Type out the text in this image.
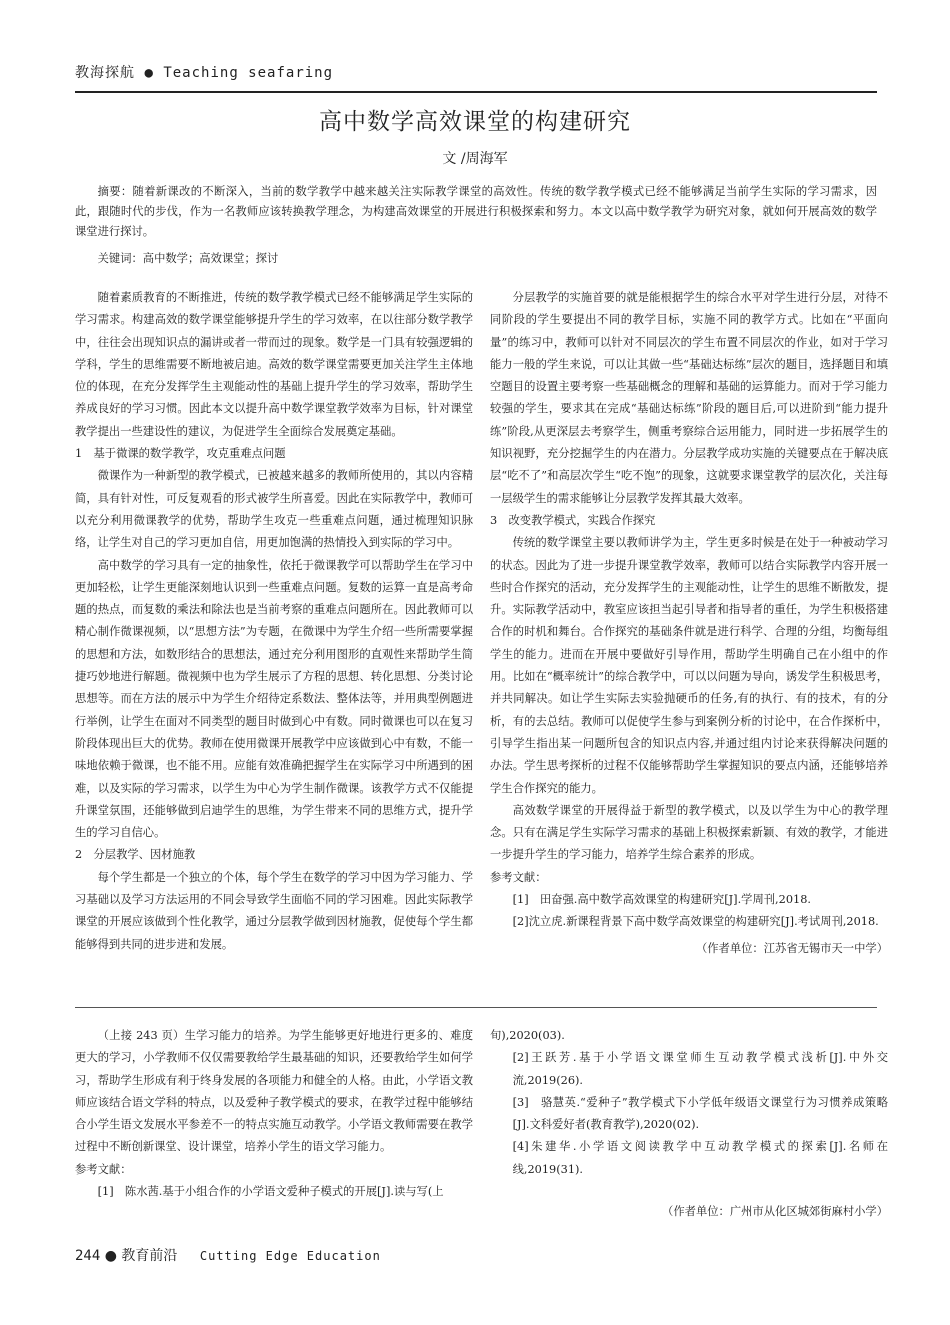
教海探航 ● Teaching seafaring
高中数学高效课堂的构建研究
文 /周海军
摘要：随着新课改的不断深入，当前的数学教学中越来越关注实际教学课堂的高效性。传统的数学教学模式已经不能够满足当前学生实际的学习需求，因此，跟随时代的步伐，作为一名教师应该转换教学理念，为构建高效课堂的开展进行积极探索和努力。本文以高中数学教学为研究对象，就如何开展高效的数学课堂进行探讨。
关键词：高中数学；高效课堂；探讨

随着素质教育的不断推进，传统的数学教学模式已经不能够满足学生实际的学习需求。构建高效的数学课堂能够提升学生的学习效率，在以往部分数学教学中，往往会出现知识点的漏讲或者一带而过的现象。数学是一门具有较强逻辑的学科，学生的思维需要不断地被启迪。高效的数学课堂需要更加关注学生主体地位的体现，在充分发挥学生主观能动性的基础上提升学生的学习效率，帮助学生养成良好的学习习惯。因此本文以提升高中数学课堂教学效率为目标，针对课堂教学提出一些建设性的建议，为促进学生全面综合发展奠定基础。

1　基于微课的数学教学，攻克重难点问题

微课作为一种新型的教学模式，已被越来越多的教师所使用的，其以内容精简，具有针对性，可反复观看的形式被学生所喜爱。因此在实际教学中，教师可以充分利用微课教学的优势，帮助学生攻克一些重难点问题，通过梳理知识脉络，让学生对自己的学习更加自信，用更加饱满的热情投入到实际的学习中。

高中数学的学习具有一定的抽象性，依托于微课教学可以帮助学生在学习中更加轻松，让学生更能深刻地认识到一些重难点问题。复数的运算一直是高考命题的热点，而复数的乘法和除法也是当前考察的重难点问题所在。因此教师可以精心制作微课视频，以“思想方法”为专题，在微课中为学生介绍一些所需要掌握的思想和方法，如数形结合的思想法，通过充分利用图形的直观性来帮助学生简捷巧妙地进行解题。微视频中也为学生展示了方程的思想、转化思想、分类讨论思想等。而在方法的展示中为学生介绍待定系数法、整体法等，并用典型例题进行举例，让学生在面对不同类型的题目时做到心中有数。同时微课也可以在复习阶段体现出巨大的优势。教师在使用微课开展教学中应该做到心中有数，不能一味地依赖于微课，也不能不用。应能有效准确把握学生在实际学习中所遇到的困难，以及实际的学习需求，以学生为中心为学生制作微课。该教学方式不仅能提升课堂氛围，还能够做到启迪学生的思维，为学生带来不同的思维方式，提升学生的学习自信心。

2　分层教学、因材施教

每个学生都是一个独立的个体，每个学生在数学的学习中因为学习能力、学习基础以及学习方法运用的不同会导致学生面临不同的学习困难。因此实际教学课堂的开展应该做到个性化教学，通过分层教学做到因材施教，促使每个学生都能够得到共同的进步进和发展。

分层教学的实施首要的就是能根据学生的综合水平对学生进行分层，对待不同阶段的学生要提出不同的教学目标，实施不同的教学方式。比如在“平面向量”的练习中，教师可以针对不同层次的学生布置不同层次的作业，如对于学习能力一般的学生来说，可以让其做一些“基础达标练”层次的题目，选择题目和填空题目的设置主要考察一些基础概念的理解和基础的运算能力。而对于学习能力较强的学生，要求其在完成“基础达标练”阶段的题目后,可以进阶到“能力提升练”阶段,从更深层去考察学生，侧重考察综合运用能力，同时进一步拓展学生的知识视野，充分挖掘学生的内在潜力。分层教学成功实施的关键要点在于解决底层“吃不了”和高层次学生“吃不饱”的现象，这就要求课堂教学的层次化，关注每一层级学生的需求能够让分层教学发挥其最大效率。

3　改变教学模式，实践合作探究

传统的数学课堂主要以教师讲学为主，学生更多时候是在处于一种被动学习的状态。因此为了进一步提升课堂教学效率，教师可以结合实际教学内容开展一些时合作探究的活动，充分发挥学生的主观能动性，让学生的思维不断散发，提升。实际教学活动中，教室应该担当起引导者和指导者的重任，为学生积极搭建合作的时机和舞台。合作探究的基础条件就是进行科学、合理的分组，均衡每组学生的能力。进而在开展中要做好引导作用，帮助学生明确自己在小组中的作用。比如在“概率统计”的综合教学中，可以以问题为导向，诱发学生积极思考，并共同解决。如让学生实际去实验抛硬币的任务,有的执行、有的技术，有的分析，有的去总结。教师可以促使学生参与到案例分析的讨论中，在合作探析中，引导学生指出某一问题所包含的知识点内容,并通过组内讨论来获得解决问题的办法。学生思考探析的过程不仅能够帮助学生掌握知识的要点内涵，还能够培养学生合作探究的能力。

高效数学课堂的开展得益于新型的教学模式，以及以学生为中心的教学理念。只有在满足学生实际学习需求的基础上积极探索新颖、有效的教学，才能进一步提升学生的学习能力，培养学生综合素养的形成。

参考文献：

[1]　田奋强.高中数学高效课堂的构建研究[J].学周刊,2018.

[2]沈立虎.新课程背景下高中数学高效课堂的构建研究[J].考试周刊,2018.

（作者单位：江苏省无锡市天一中学）

（上接 243 页）生学习能力的培养。为学生能够更好地进行更多的、难度更大的学习，小学教师不仅仅需要教给学生最基础的知识，还要教给学生如何学习，帮助学生形成有利于终身发展的各项能力和健全的人格。由此，小学语文教师应该结合语文学科的特点，以及爱种子教学模式的要求，在教学过程中能够结合小学生语文发展水平参差不一的特点实施互动教学。小学语文教师需要在教学过程中不断创新课堂、设计课堂，培养小学生的语文学习能力。

参考文献：

[1]　陈水茜.基于小组合作的小学语文爱种子模式的开展[J].读与写(上

旬),2020(03).

[2]王跃芳.基于小学语文课堂师生互动教学模式浅析[J].中外交流,2019(26).

[3]　骆慧英.“爱种子”教学模式下小学低年级语文课堂行为习惯养成策略[J].文科爱好者(教育教学),2020(02).

[4]朱建华.小学语文阅读教学中互动教学模式的探索[J].名师在线,2019(31).

（作者单位：广州市从化区城郊街麻村小学）

244 ● 教育前沿 Cutting Edge Education
